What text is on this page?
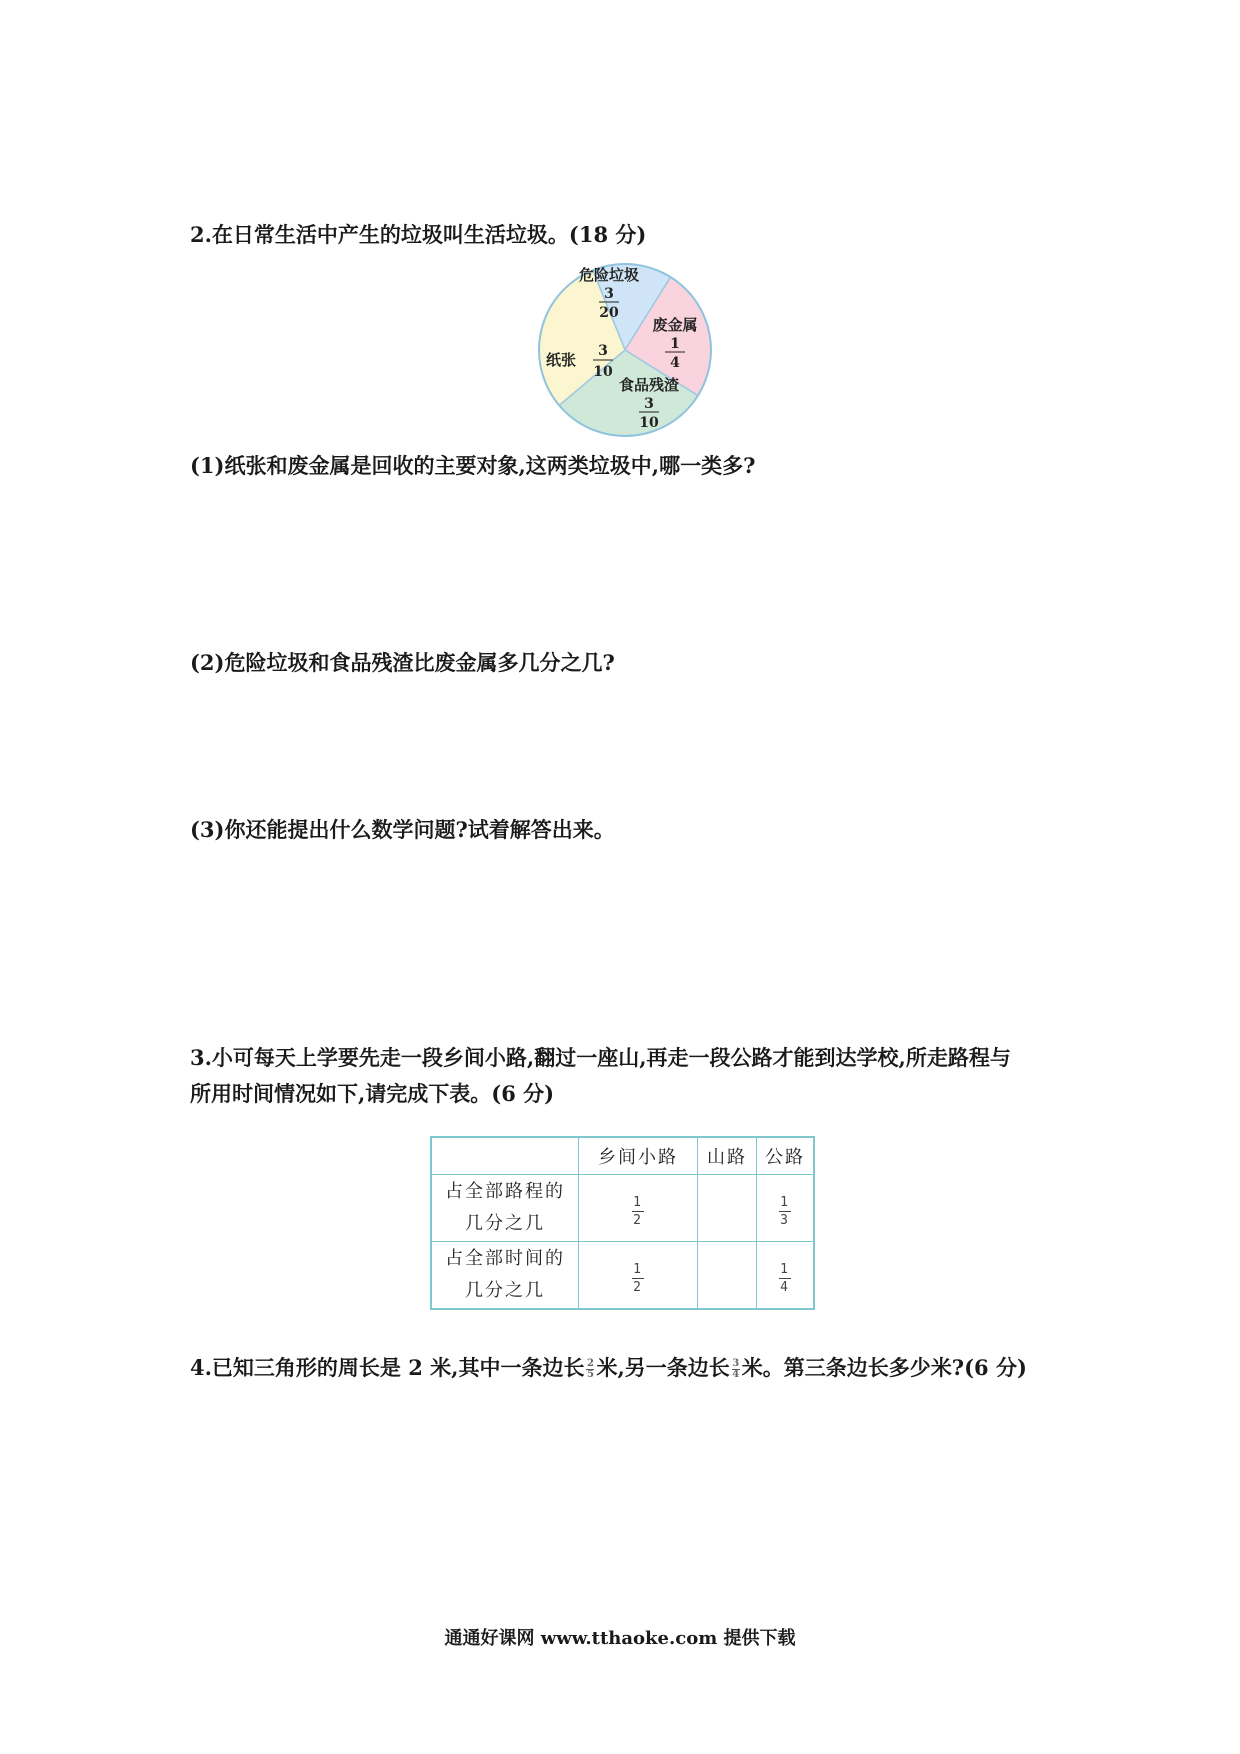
2.在日常生活中产生的垃圾叫生活垃圾。(18 分)
危险垃圾
3
20
废金属
1
4
食品残渣
3
10
纸张 3
10
(1)纸张和废金属是回收的主要对象,这两类垃圾中,哪一类多?
(2)危险垃圾和食品残渣比废金属多几分之几?
(3)你还能提出什么数学问题?试着解答出来。
3.小可每天上学要先走一段乡间小路,翻过一座山,再走一段公路才能到达学校,所走路程与
所用时间情况如下,请完成下表。(6 分)
	乡间小路	山路	公路
占全部路程的
几分之几	$\frac{1}{2}$		$\frac{1}{3}$

占全部时间的
几分之几	$\frac{1}{2}$		$\frac{1}{4}$
4.已知三角形的周长是 2 米,其中一条边长 $\frac{2}{5}$ 米,另一条边长 $\frac{3}{4}$ 米。第三条边长多少米?(6 分)
通通好课网 www.tthaoke.com 提供下载
